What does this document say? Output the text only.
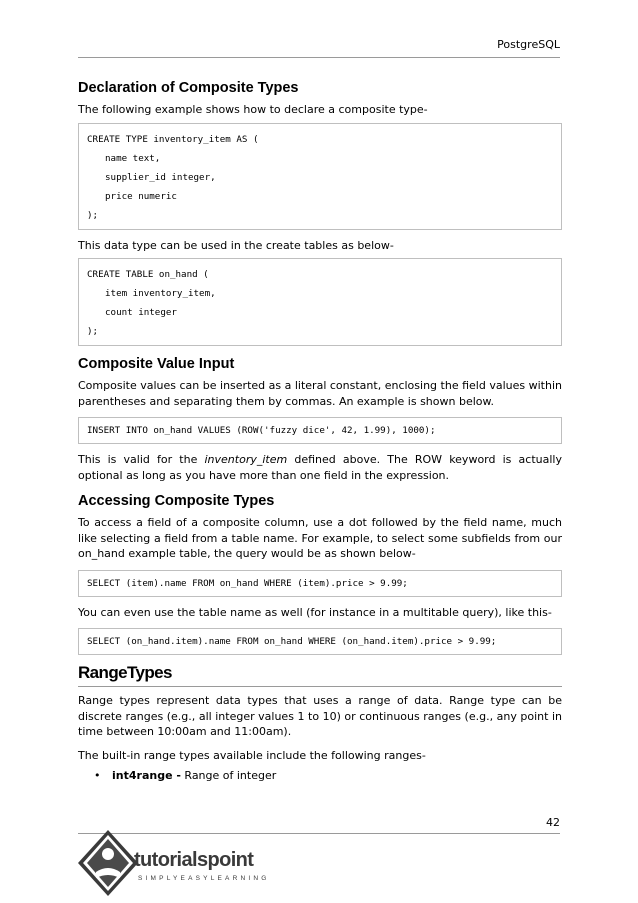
PostgreSQL
Declaration of Composite Types

The following example shows how to declare a composite type-

CREATE TYPE inventory_item AS (
name text,
supplier_id integer,
price numeric
);

This data type can be used in the create tables as below-

CREATE TABLE on_hand (
item inventory_item,
count integer
);
Composite Value Input

Composite values can be inserted as a literal constant, enclosing the field values within parentheses and separating them by commas. An example is shown below.

INSERT INTO on_hand VALUES (ROW('fuzzy dice', 42, 1.99), 1000);

This is valid for the inventory_item defined above. The ROW keyword is actually optional as long as you have more than one field in the expression.

Accessing Composite Types

To access a field of a composite column, use a dot followed by the field name, much like selecting a field from a table name. For example, to select some subfields from our on_hand example table, the query would be as shown below-

SELECT (item).name FROM on_hand WHERE (item).price > 9.99;

You can even use the table name as well (for instance in a multitable query), like this-

SELECT (on_hand.item).name FROM on_hand WHERE (on_hand.item).price > 9.99;
RangeTypes

Range types represent data types that uses a range of data. Range type can be discrete ranges (e.g., all integer values 1 to 10) or continuous ranges (e.g., any point in time between 10:00am and 11:00am).

The built-in range types available include the following ranges-

• int4range - Range of integer
42
tutorialspoint
SIMPLYEASYLEARNING
